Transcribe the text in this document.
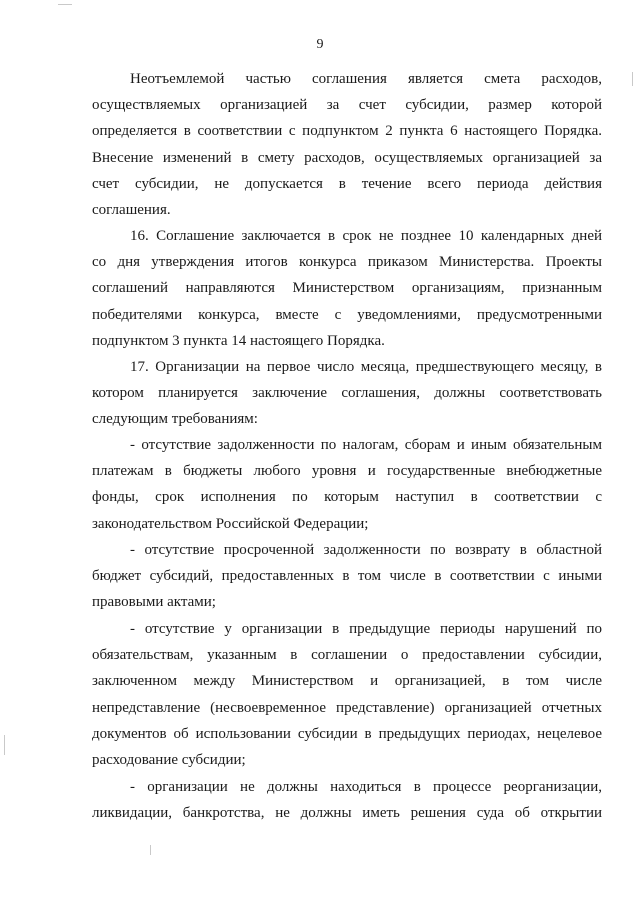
9
Неотъемлемой частью соглашения является смета расходов,
осуществляемых организацией за счет субсидии, размер которой
определяется в соответствии с подпунктом 2 пункта 6 настоящего Порядка.
Внесение изменений в смету расходов, осуществляемых организацией за
счет субсидии, не допускается в течение всего периода действия
соглашения.
16. Соглашение заключается в срок не позднее 10 календарных дней
со дня утверждения итогов конкурса приказом Министерства. Проекты
соглашений направляются Министерством организациям, признанным
победителями конкурса, вместе с уведомлениями, предусмотренными
подпунктом 3 пункта 14 настоящего Порядка.
17. Организации на первое число месяца, предшествующего месяцу, в
котором планируется заключение соглашения, должны соответствовать
следующим требованиям:
- отсутствие задолженности по налогам, сборам и иным обязательным
платежам в бюджеты любого уровня и государственные внебюджетные
фонды, срок исполнения по которым наступил в соответствии с
законодательством Российской Федерации;
- отсутствие просроченной задолженности по возврату в областной
бюджет субсидий, предоставленных в том числе в соответствии с иными
правовыми актами;
- отсутствие у организации в предыдущие периоды нарушений по
обязательствам, указанным в соглашении о предоставлении субсидии,
заключенном между Министерством и организацией, в том числе
непредставление (несвоевременное представление) организацией отчетных
документов об использовании субсидии в предыдущих периодах, нецелевое
расходование субсидии;
- организации не должны находиться в процессе реорганизации,
ликвидации, банкротства, не должны иметь решения суда об открытии
